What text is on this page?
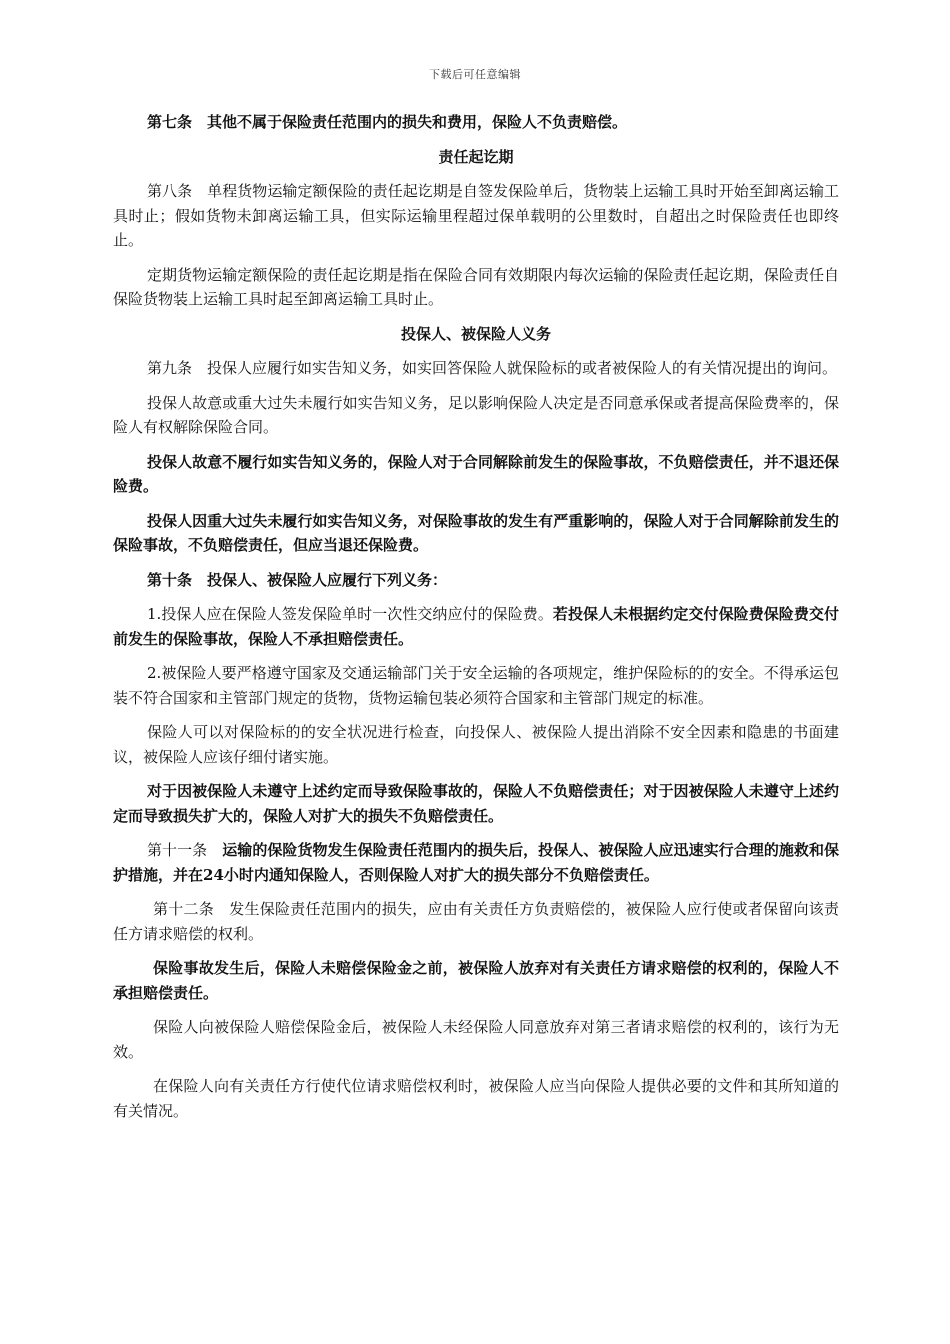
下载后可任意编辑

第七条　其他不属于保险责任范围内的损失和费用，保险人不负责赔偿。

责任起讫期

第八条　单程货物运输定额保险的责任起讫期是自签发保险单后，货物装上运输工具时开始至卸离运输工具时止；假如货物未卸离运输工具，但实际运输里程超过保单载明的公里数时，自超出之时保险责任也即终止。

定期货物运输定额保险的责任起讫期是指在保险合同有效期限内每次运输的保险责任起讫期，保险责任自保险货物装上运输工具时起至卸离运输工具时止。

投保人、被保险人义务

第九条　投保人应履行如实告知义务，如实回答保险人就保险标的或者被保险人的有关情况提出的询问。

投保人故意或重大过失未履行如实告知义务，足以影响保险人决定是否同意承保或者提高保险费率的，保险人有权解除保险合同。

投保人故意不履行如实告知义务的，保险人对于合同解除前发生的保险事故，不负赔偿责任，并不退还保险费。

投保人因重大过失未履行如实告知义务，对保险事故的发生有严重影响的，保险人对于合同解除前发生的保险事故，不负赔偿责任，但应当退还保险费。

第十条　投保人、被保险人应履行下列义务：

1.投保人应在保险人签发保险单时一次性交纳应付的保险费。若投保人未根据约定交付保险费保险费交付前发生的保险事故，保险人不承担赔偿责任。

2.被保险人要严格遵守国家及交通运输部门关于安全运输的各项规定，维护保险标的的安全。不得承运包装不符合国家和主管部门规定的货物，货物运输包装必须符合国家和主管部门规定的标准。

保险人可以对保险标的的安全状况进行检查，向投保人、被保险人提出消除不安全因素和隐患的书面建议，被保险人应该仔细付诸实施。

对于因被保险人未遵守上述约定而导致保险事故的，保险人不负赔偿责任；对于因被保险人未遵守上述约定而导致损失扩大的，保险人对扩大的损失不负赔偿责任。

第十一条　运输的保险货物发生保险责任范围内的损失后，投保人、被保险人应迅速实行合理的施救和保护措施，并在24小时内通知保险人，否则保险人对扩大的损失部分不负赔偿责任。

第十二条　发生保险责任范围内的损失，应由有关责任方负责赔偿的，被保险人应行使或者保留向该责任方请求赔偿的权利。

保险事故发生后，保险人未赔偿保险金之前，被保险人放弃对有关责任方请求赔偿的权利的，保险人不承担赔偿责任。

保险人向被保险人赔偿保险金后，被保险人未经保险人同意放弃对第三者请求赔偿的权利的，该行为无效。

在保险人向有关责任方行使代位请求赔偿权利时，被保险人应当向保险人提供必要的文件和其所知道的有关情况。
